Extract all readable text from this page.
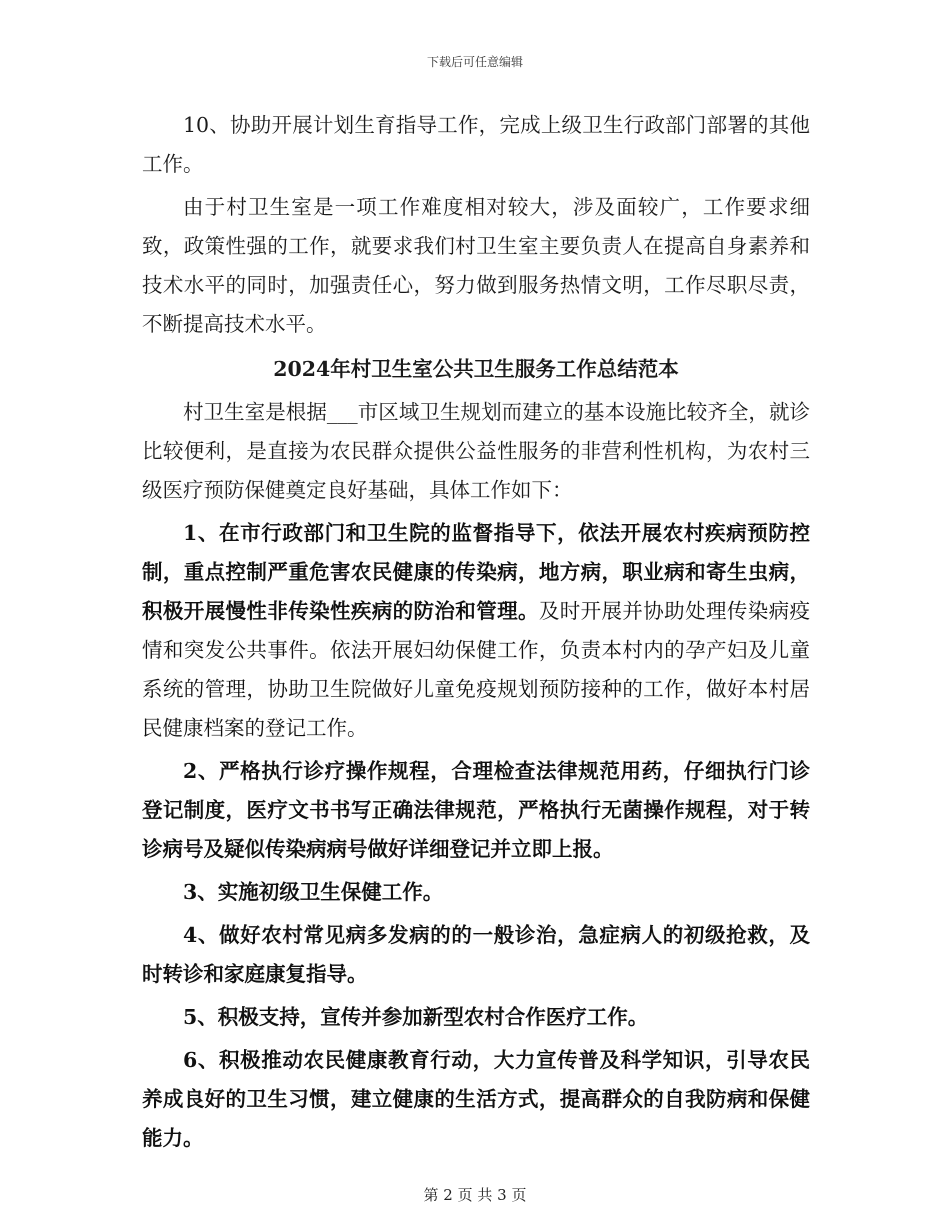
下载后可任意编辑

10、协助开展计划生育指导工作，完成上级卫生行政部门部署的其他工作。

由于村卫生室是一项工作难度相对较大，涉及面较广，工作要求细致，政策性强的工作，就要求我们村卫生室主要负责人在提高自身素养和技术水平的同时，加强责任心，努力做到服务热情文明，工作尽职尽责，不断提高技术水平。

2024年村卫生室公共卫生服务工作总结范本

村卫生室是根据___市区域卫生规划而建立的基本设施比较齐全，就诊比较便利，是直接为农民群众提供公益性服务的非营利性机构，为农村三级医疗预防保健奠定良好基础，具体工作如下：

1、在市行政部门和卫生院的监督指导下，依法开展农村疾病预防控制，重点控制严重危害农民健康的传染病，地方病，职业病和寄生虫病，积极开展慢性非传染性疾病的防治和管理。及时开展并协助处理传染病疫情和突发公共事件。依法开展妇幼保健工作，负责本村内的孕产妇及儿童系统的管理，协助卫生院做好儿童免疫规划预防接种的工作，做好本村居民健康档案的登记工作。

2、严格执行诊疗操作规程，合理检查法律规范用药，仔细执行门诊登记制度，医疗文书书写正确法律规范，严格执行无菌操作规程，对于转诊病号及疑似传染病病号做好详细登记并立即上报。

3、实施初级卫生保健工作。

4、做好农村常见病多发病的的一般诊治，急症病人的初级抢救，及时转诊和家庭康复指导。

5、积极支持，宣传并参加新型农村合作医疗工作。

6、积极推动农民健康教育行动，大力宣传普及科学知识，引导农民养成良好的卫生习惯，建立健康的生活方式，提高群众的自我防病和保健能力。

第 2 页 共 3 页
